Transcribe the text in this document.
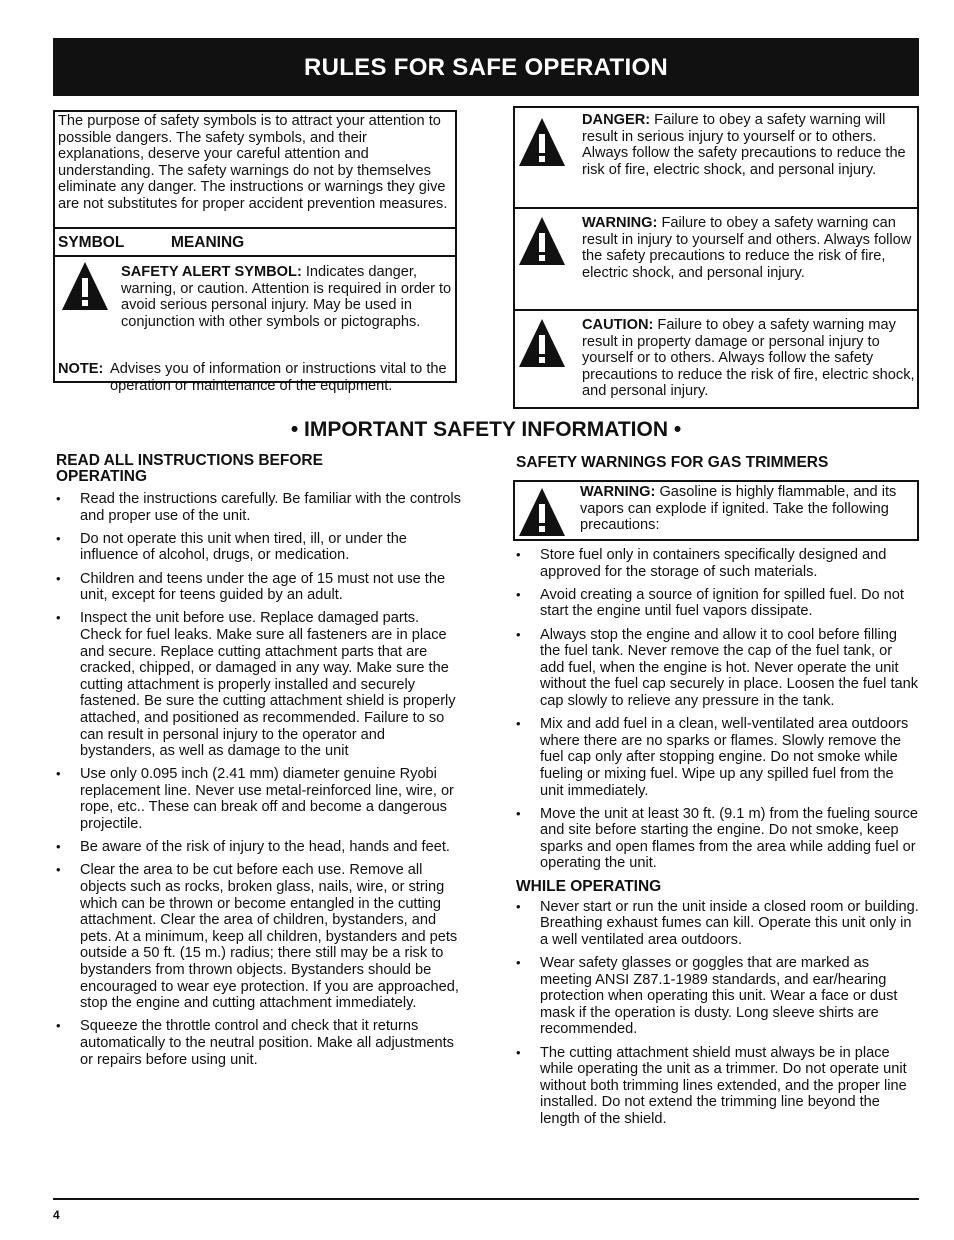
RULES FOR SAFE OPERATION
The purpose of safety symbols is to attract your attention to possible dangers. The safety symbols, and their explanations, deserve your careful attention and understanding. The safety warnings do not by themselves eliminate any danger. The instructions or warnings they give are not substitutes for proper accident prevention measures.
SYMBOL	MEANING
SAFETY ALERT SYMBOL: Indicates danger, warning, or caution. Attention is required in order to avoid serious personal injury. May be used in conjunction with other symbols or pictographs.
NOTE: Advises you of information or instructions vital to the operation or maintenance of the equipment.
DANGER: Failure to obey a safety warning will result in serious injury to yourself or to others. Always follow the safety precautions to reduce the risk of fire, electric shock, and personal injury.
WARNING: Failure to obey a safety warning can result in injury to yourself and others. Always follow the safety precautions to reduce the risk of fire, electric shock, and personal injury.
CAUTION: Failure to obey a safety warning may result in property damage or personal injury to yourself or to others. Always follow the safety precautions to reduce the risk of fire, electric shock, and personal injury.
• IMPORTANT SAFETY INFORMATION •
READ ALL INSTRUCTIONS BEFORE
OPERATING
• Read the instructions carefully. Be familiar with the controls and proper use of the unit.
• Do not operate this unit when tired, ill, or under the influence of alcohol, drugs, or medication.
• Children and teens under the age of 15 must not use the unit, except for teens guided by an adult.
• Inspect the unit before use. Replace damaged parts. Check for fuel leaks. Make sure all fasteners are in place and secure. Replace cutting attachment parts that are cracked, chipped, or damaged in any way. Make sure the cutting attachment is properly installed and securely fastened. Be sure the cutting attachment shield is properly attached, and positioned as recommended. Failure to so can result in personal injury to the operator and bystanders, as well as damage to the unit
• Use only 0.095 inch (2.41 mm) diameter genuine Ryobi replacement line. Never use metal-reinforced line, wire, or rope, etc.. These can break off and become a dangerous projectile.
• Be aware of the risk of injury to the head, hands and feet.
• Clear the area to be cut before each use. Remove all objects such as rocks, broken glass, nails, wire, or string which can be thrown or become entangled in the cutting attachment. Clear the area of children, bystanders, and pets. At a minimum, keep all children, bystanders and pets outside a 50 ft. (15 m.) radius; there still may be a risk to bystanders from thrown objects. Bystanders should be encouraged to wear eye protection. If you are approached, stop the engine and cutting attachment immediately.
• Squeeze the throttle control and check that it returns automatically to the neutral position. Make all adjustments or repairs before using unit.
SAFETY WARNINGS FOR GAS TRIMMERS
WARNING: Gasoline is highly flammable, and its vapors can explode if ignited. Take the following precautions:
• Store fuel only in containers specifically designed and approved for the storage of such materials.
• Avoid creating a source of ignition for spilled fuel. Do not start the engine until fuel vapors dissipate.
• Always stop the engine and allow it to cool before filling the fuel tank. Never remove the cap of the fuel tank, or add fuel, when the engine is hot. Never operate the unit without the fuel cap securely in place. Loosen the fuel tank cap slowly to relieve any pressure in the tank.
• Mix and add fuel in a clean, well-ventilated area outdoors where there are no sparks or flames. Slowly remove the fuel cap only after stopping engine. Do not smoke while fueling or mixing fuel. Wipe up any spilled fuel from the unit immediately.
• Move the unit at least 30 ft. (9.1 m) from the fueling source and site before starting the engine. Do not smoke, keep sparks and open flames from the area while adding fuel or operating the unit.
WHILE OPERATING
• Never start or run the unit inside a closed room or building. Breathing exhaust fumes can kill. Operate this unit only in a well ventilated area outdoors.
• Wear safety glasses or goggles that are marked as meeting ANSI Z87.1-1989 standards, and ear/hearing protection when operating this unit. Wear a face or dust mask if the operation is dusty. Long sleeve shirts are recommended.
• The cutting attachment shield must always be in place while operating the unit as a trimmer. Do not operate unit without both trimming lines extended, and the proper line installed. Do not extend the trimming line beyond the length of the shield.
4
